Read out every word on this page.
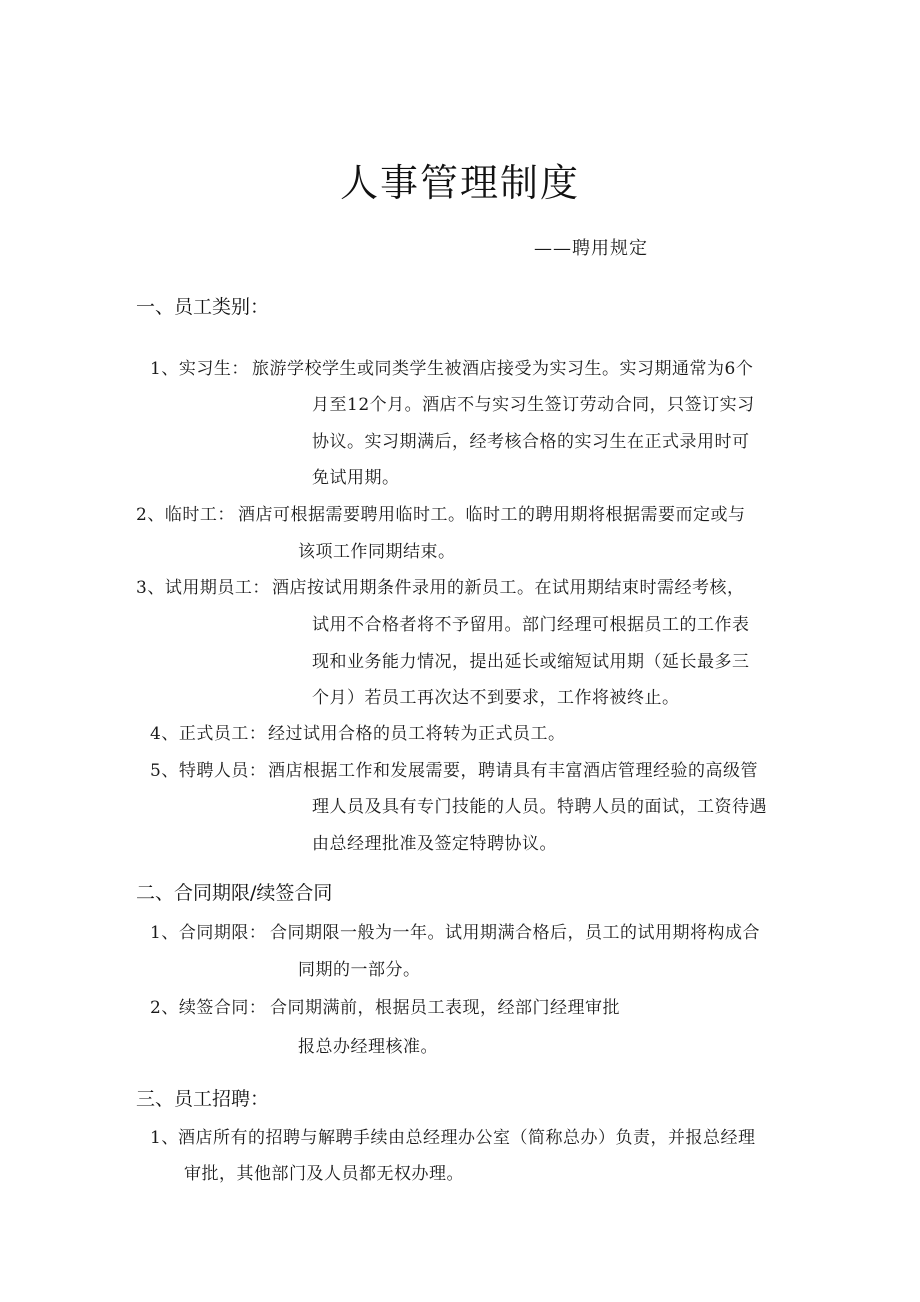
人事管理制度
——聘用规定
一、员工类别：
1、实习生： 旅游学校学生或同类学生被酒店接受为实习生。实习期通常为6个
月至12个月。酒店不与实习生签订劳动合同，只签订实习
协议。实习期满后，经考核合格的实习生在正式录用时可
免试用期。
2、临时工： 酒店可根据需要聘用临时工。临时工的聘用期将根据需要而定或与
该项工作同期结束。
3、试用期员工： 酒店按试用期条件录用的新员工。在试用期结束时需经考核，
试用不合格者将不予留用。部门经理可根据员工的工作表
现和业务能力情况，提出延长或缩短试用期（延长最多三
个月）若员工再次达不到要求，工作将被终止。
4、正式员工： 经过试用合格的员工将转为正式员工。
5、特聘人员： 酒店根据工作和发展需要，聘请具有丰富酒店管理经验的高级管
理人员及具有专门技能的人员。特聘人员的面试，工资待遇
由总经理批准及签定特聘协议。
二、合同期限/续签合同
1、合同期限： 合同期限一般为一年。试用期满合格后，员工的试用期将构成合
同期的一部分。
2、续签合同： 合同期满前，根据员工表现，经部门经理审批
报总办经理核准。
三、员工招聘：
1、 酒店所有的招聘与解聘手续由总经理办公室（简称总办）负责，并报总经理
审批，其他部门及人员都无权办理。
